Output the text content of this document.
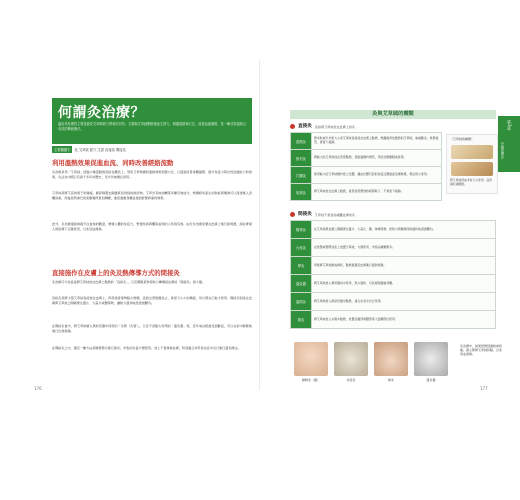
何謂灸治療？
溫灸具有療效主要是源於艾草與熱力帶來的功效；艾葉與艾草絨點燃後產生熱力，刺激經絡與穴位，改善血液循環，是一種非常溫和且有效的傳統療法。
主要關鍵字	灸 艾草絨 經穴 艾蒿 直接灸 間接灸
利用溫熱效果促進血流、同時改善經絡流動
灸治療是用「艾草絨」透過小劑量點燃直接在體表上，利用艾草燃燒的溫熱效果刺激穴位，以達到改善身體循環、提升免疫力與自然治癒能力的效果。灸法在中國已有兩千多年的歷史，至今仍被廣泛使用。
艾草絨是將艾蒿的葉子乾燥後，磨碎篩選去除雜質而得到的絨狀物。艾草含有桉油精等多種有效成分，燃燒時所產生的熱能與藥效可以滲透進入身體深處，使血液與淋巴的流動變得更加順暢，進而溫暖身體並達到舒緩疼痛的效果。
此外，灸治療還能夠提升白血球的數量，增強人體的免疫力，對慢性病與體質虛弱的人特別有效。由於灸治療需要在皮膚上進行熱刺激，請在專業人員指導下正確使用，以免造成燙傷。
直接施作在皮膚上的灸及熱傳導方式的間接灸
灸治療可分為直接將艾草絨放在皮膚上點燃的「直接灸」，以及間隔某物使熱力傳導到皮膚的「間接灸」兩大類。
直接灸是將少量艾草絨直接放在皮膚上，再用線香等物點火燃燒，直到全部燃盡為止，會留下小小的燒痕，所以現在已較少使用。間接灸則是在皮膚與艾草絨之間隔著生薑片、大蒜片或鹽等物，讓熱力溫和地滲透到體內。
在間接灸當中，將艾草絨填入筒狀容器中使用的「灸筒（灸管）」，以及不需點火使用的「溫灸器」等，近年來也相當受到歡迎，可以在家中輕鬆地進行自我保健。
在間接灸之中，還有一種方法是隔著墊片進行施灸。市售的灸盒方便使用，加上不會燙傷皮膚，特別適合初學者在家中自行進行溫灸療法。
176
第3章
中醫的療法
灸與艾草絨的種類
直接灸 直接將艾草絨放在皮膚上的灸
透熱灸	將米粒或半米粒大小的艾草絨直接放在皮膚上點燃，燃盡後再放置新的艾草絨，重複數次。效果強烈，會留下痕跡。
焦灼灸	將較大的艾草絨放在患部點燃，使組織燒灼壞死，用於治療雞眼或疣等。
打膿灸	使用較大的艾草絨燒灼使之化膿，藉由化膿引起的免疫反應提高治療效果。現在很少使用。
知熱灸	將艾草絨放在皮膚上點燃，當患者感覺到熱時即取下，不會留下痕跡。
〈艾草絨的種類〉
將艾草絨捏成米粒大小使用，品質越好越細緻。
間接灸 艾草絨不會直接碰觸皮膚的灸
隔物灸	在艾草絨與皮膚之間隔著生薑片、大蒜片、鹽、味噌等物，使熱力與藥效同時溫和地滲透體內。
台座灸	在紙製或塑膠台座上放置艾草絨，方便使用，市售品種類繁多。
棒灸	用紙將艾草絨捲成棒狀，點燃後靠近皮膚進行溫熱刺激。
溫灸器	將艾草絨放入專用器具中使用，熱力溫和，可長時間溫暖身體。
溫筒灸	將艾草絨放入筒狀容器中點燃，適合在家中自行使用。
箱灸	將艾草絨放入木箱中點燃，放置在腹部或腰部等大面積部位使用。
隔物灸（薑）	台座灸	棒灸	溫灸器
灸治療中，如果感覺到過熱或疼痛，請立即將艾草絨移除，以免造成燙傷。
177
